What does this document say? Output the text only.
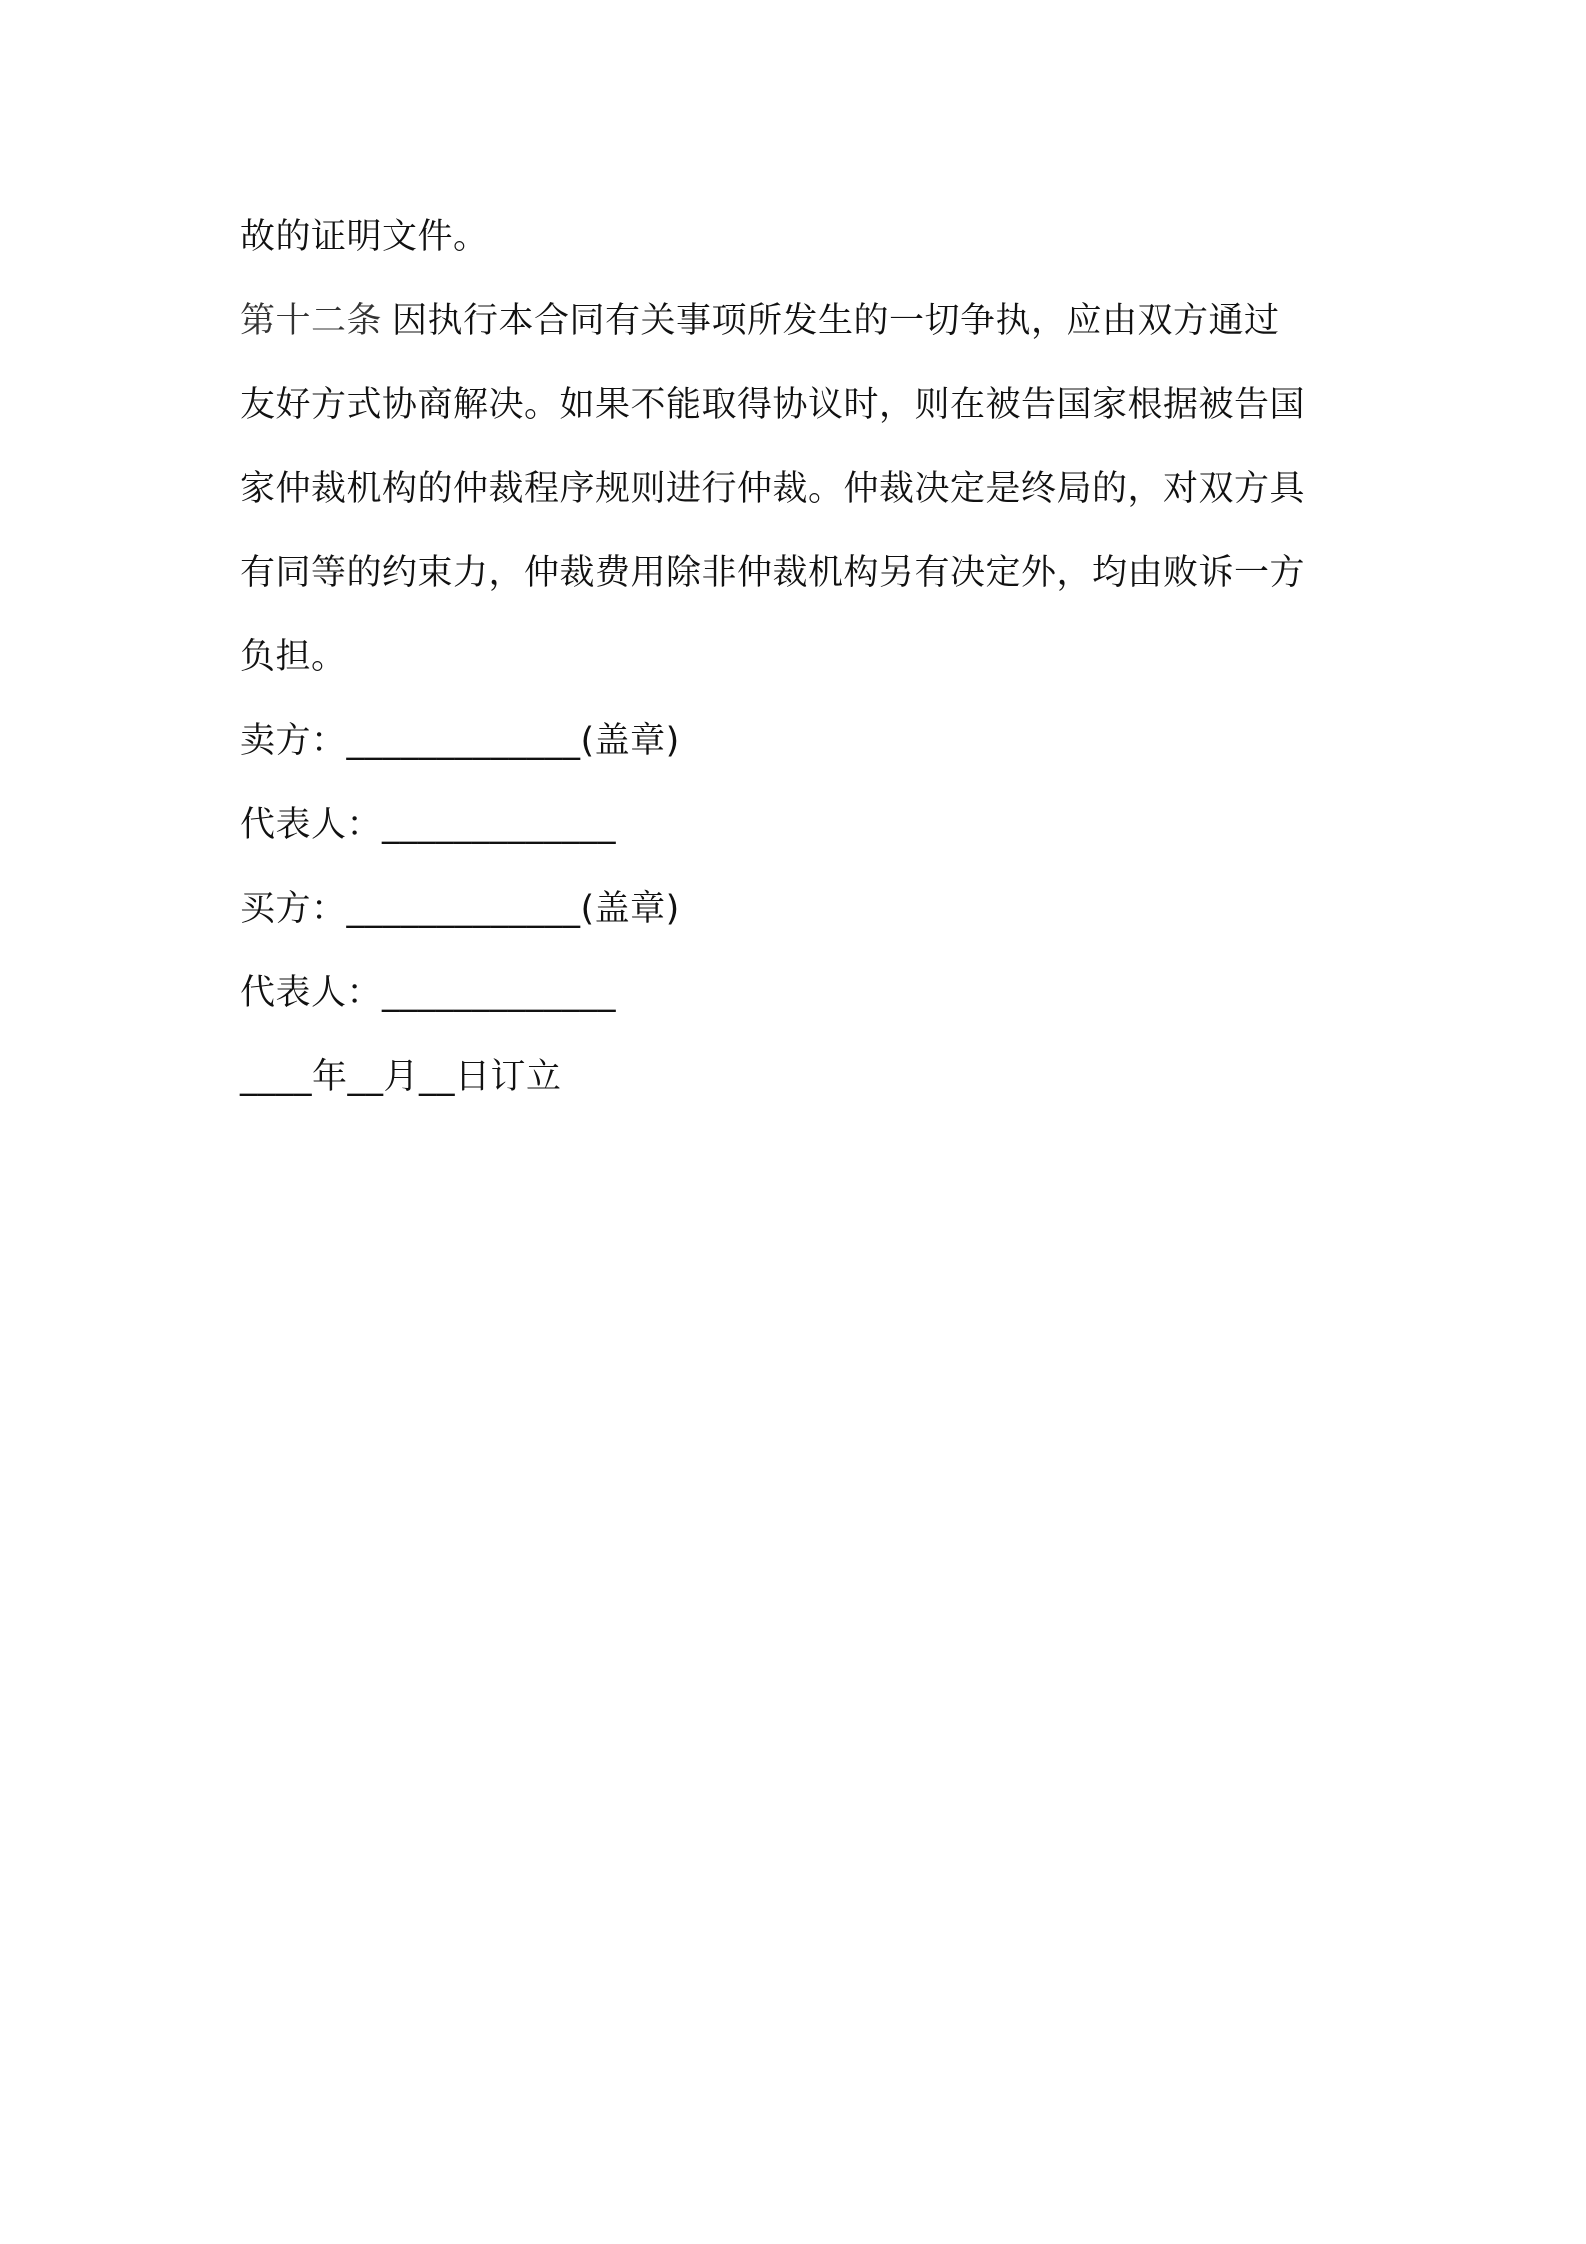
故的证明文件。

第十二条 因执行本合同有关事项所发生的一切争执，应由双方通过

友好方式协商解决。如果不能取得协议时，则在被告国家根据被告国

家仲裁机构的仲裁程序规则进行仲裁。仲裁决定是终局的，对双方具

有同等的约束力，仲裁费用除非仲裁机构另有决定外，均由败诉一方

负担。

卖方：_____________(盖章)

代表人：_____________

买方：_____________(盖章)

代表人：_____________

____年__月__日订立
